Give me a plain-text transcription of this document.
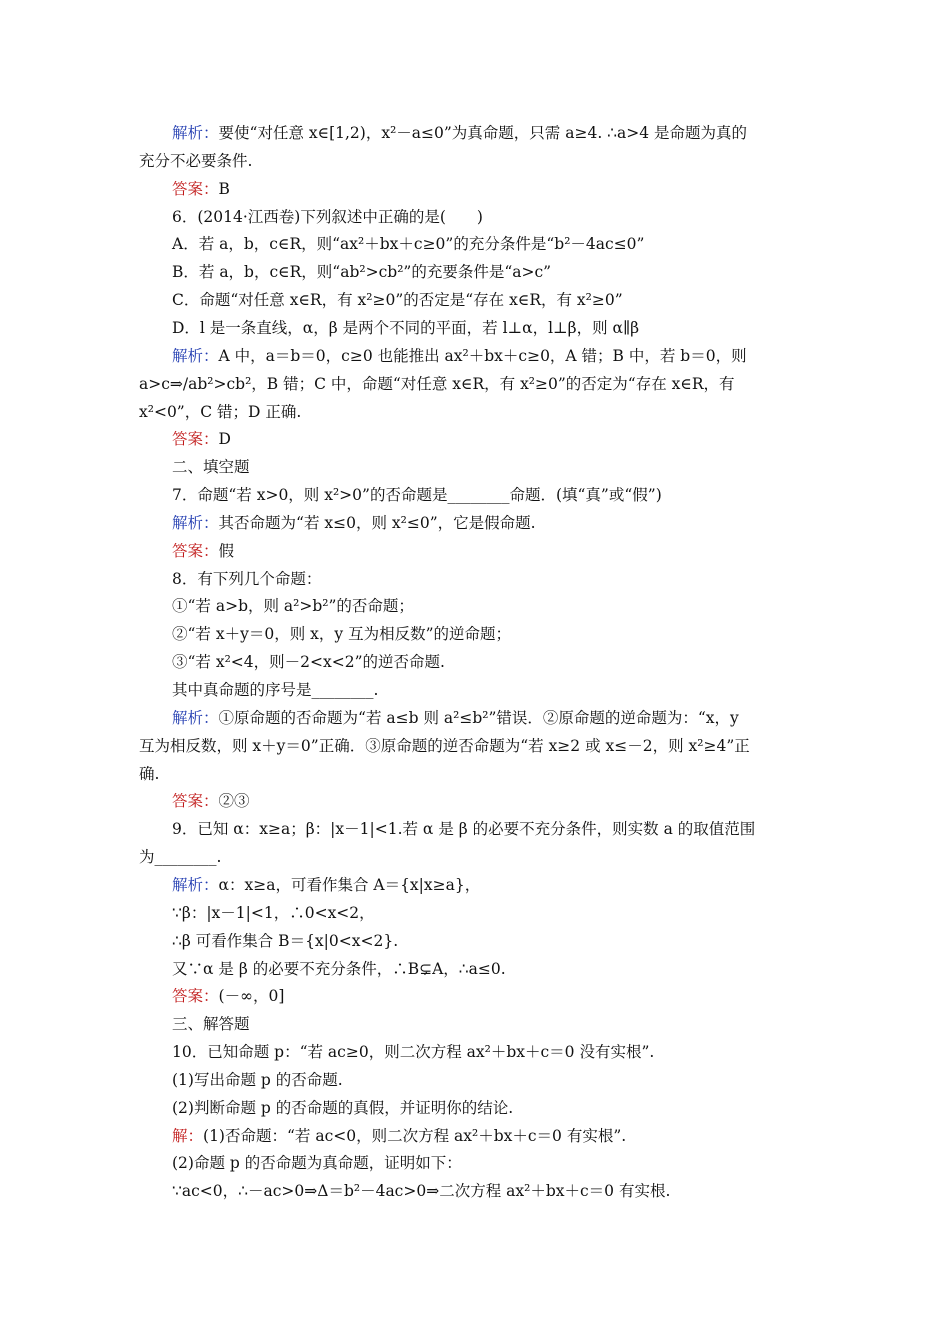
解析：要使“对任意 x∈[1,2)，x²－a≤0”为真命题，只需 a≥4. ∴a>4 是命题为真的
充分不必要条件.
答案：B
6．(2014·江西卷)下列叙述中正确的是(　　)
A．若 a，b，c∈R，则“ax²＋bx＋c≥0”的充分条件是“b²－4ac≤0”
B．若 a，b，c∈R，则“ab²>cb²”的充要条件是“a>c”
C．命题“对任意 x∈R，有 x²≥0”的否定是“存在 x∈R，有 x²≥0”
D．l 是一条直线，α，β 是两个不同的平面，若 l⊥α，l⊥β，则 α∥β
解析：A 中，a＝b＝0，c≥0 也能推出 ax²＋bx＋c≥0，A 错；B 中，若 b＝0，则
a>c⇒/ab²>cb²，B 错；C 中，命题“对任意 x∈R，有 x²≥0”的否定为“存在 x∈R，有
x²<0”，C 错；D 正确.
答案：D
二、填空题
7．命题“若 x>0，则 x²>0”的否命题是________命题．(填“真”或“假”)
解析：其否命题为“若 x≤0，则 x²≤0”，它是假命题.
答案：假
8．有下列几个命题：
①“若 a>b，则 a²>b²”的否命题；
②“若 x＋y＝0，则 x，y 互为相反数”的逆命题；
③“若 x²<4，则－2<x<2”的逆否命题.
其中真命题的序号是________.
解析：①原命题的否命题为“若 a≤b 则 a²≤b²”错误．②原命题的逆命题为：“x，y
互为相反数，则 x＋y＝0”正确．③原命题的逆否命题为“若 x≥2 或 x≤－2，则 x²≥4”正
确.
答案：②③
9．已知 α：x≥a；β：|x－1|<1.若 α 是 β 的必要不充分条件，则实数 a 的取值范围
为________.
解析：α：x≥a，可看作集合 A＝{x|x≥a}，
∵β：|x－1|<1，∴0<x<2，
∴β 可看作集合 B＝{x|0<x<2}.
又∵α 是 β 的必要不充分条件，∴B⊊A，∴a≤0.
答案：(－∞，0]
三、解答题
10．已知命题 p：“若 ac≥0，则二次方程 ax²＋bx＋c＝0 没有实根”.
(1)写出命题 p 的否命题.
(2)判断命题 p 的否命题的真假，并证明你的结论.
解：(1)否命题：“若 ac<0，则二次方程 ax²＋bx＋c＝0 有实根”.
(2)命题 p 的否命题为真命题，证明如下：
∵ac<0，∴－ac>0⇒Δ＝b²－4ac>0⇒二次方程 ax²＋bx＋c＝0 有实根.
